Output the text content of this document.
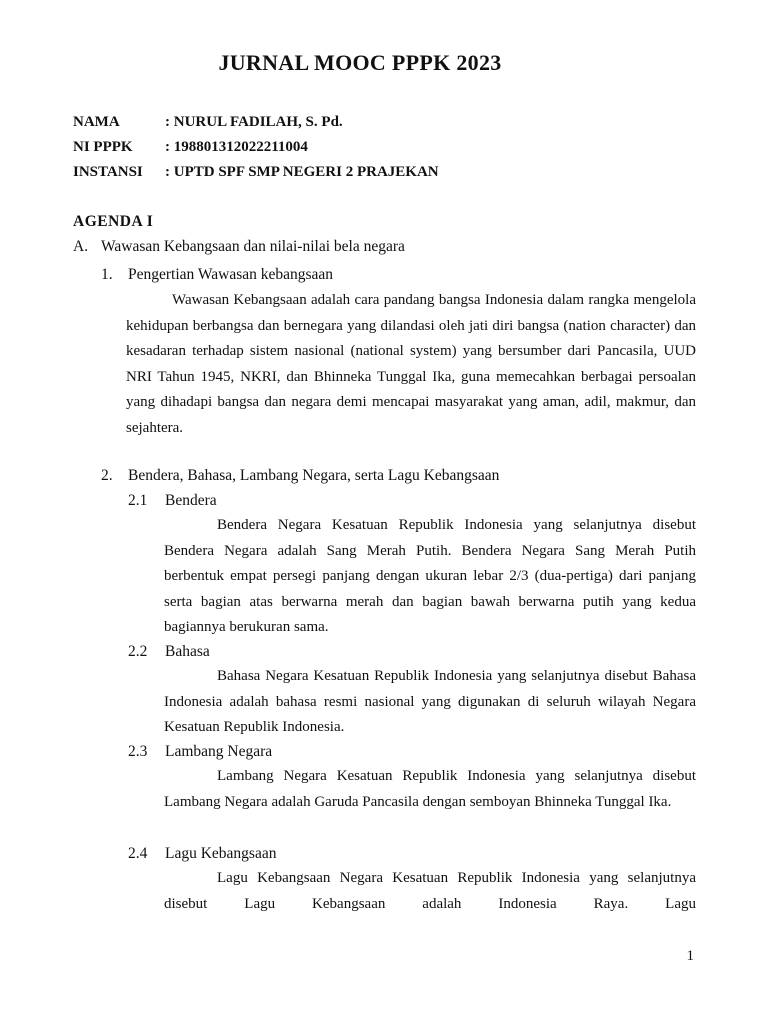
JURNAL MOOC PPPK 2023
NAMA	: NURUL FADILAH, S. Pd.
NI PPPK : 198801312022211004
INSTANSI : UPTD SPF SMP NEGERI 2 PRAJEKAN
AGENDA I
A. Wawasan Kebangsaan dan nilai-nilai bela negara
1. Pengertian Wawasan kebangsaan
Wawasan Kebangsaan adalah cara pandang bangsa Indonesia dalam rangka mengelola kehidupan berbangsa dan bernegara yang dilandasi oleh jati diri bangsa (nation character) dan kesadaran terhadap sistem nasional (national system) yang bersumber dari Pancasila, UUD NRI Tahun 1945, NKRI, dan Bhinneka Tunggal Ika, guna memecahkan berbagai persoalan yang dihadapi bangsa dan negara demi mencapai masyarakat yang aman, adil, makmur, dan sejahtera.
2. Bendera, Bahasa, Lambang Negara, serta Lagu Kebangsaan
2.1 Bendera
Bendera Negara Kesatuan Republik Indonesia yang selanjutnya disebut Bendera Negara adalah Sang Merah Putih. Bendera Negara Sang Merah Putih berbentuk empat persegi panjang dengan ukuran lebar 2/3 (dua-pertiga) dari panjang serta bagian atas berwarna merah dan bagian bawah berwarna putih yang kedua bagiannya berukuran sama.
2.2 Bahasa
Bahasa Negara Kesatuan Republik Indonesia yang selanjutnya disebut Bahasa Indonesia adalah bahasa resmi nasional yang digunakan di seluruh wilayah Negara Kesatuan Republik Indonesia.
2.3 Lambang Negara
Lambang Negara Kesatuan Republik Indonesia yang selanjutnya disebut Lambang Negara adalah Garuda Pancasila dengan semboyan Bhinneka Tunggal Ika.
2.4 Lagu Kebangsaan
Lagu Kebangsaan Negara Kesatuan Republik Indonesia yang selanjutnya disebut Lagu Kebangsaan adalah Indonesia Raya. Lagu
1
